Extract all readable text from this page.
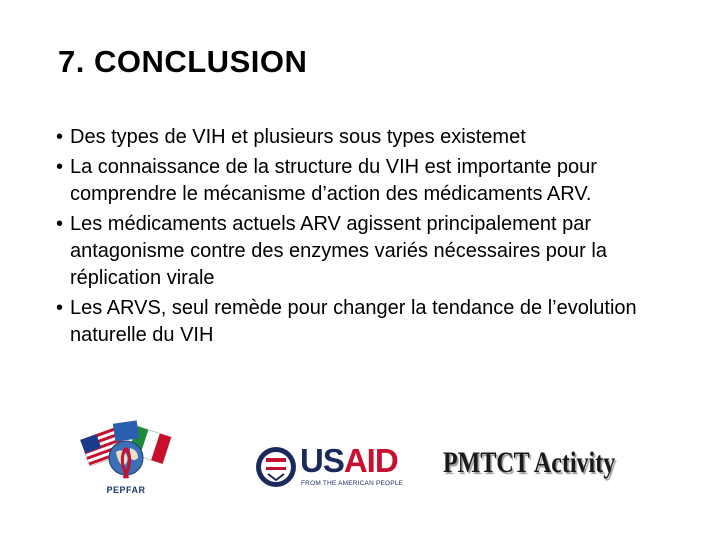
7. CONCLUSION
• Des types de VIH et plusieurs sous types existemet
• La connaissance de la structure du VIH est importante pour comprendre le mécanisme d’action des médicaments ARV.
• Les médicaments actuels ARV agissent principalement par antagonisme contre des enzymes variés nécessaires pour la réplication virale
• Les ARVS, seul remède pour changer la tendance de l’evolution naturelle du VIH
PEPFAR
USAID
FROM THE AMERICAN PEOPLE
PMTCT Activity
